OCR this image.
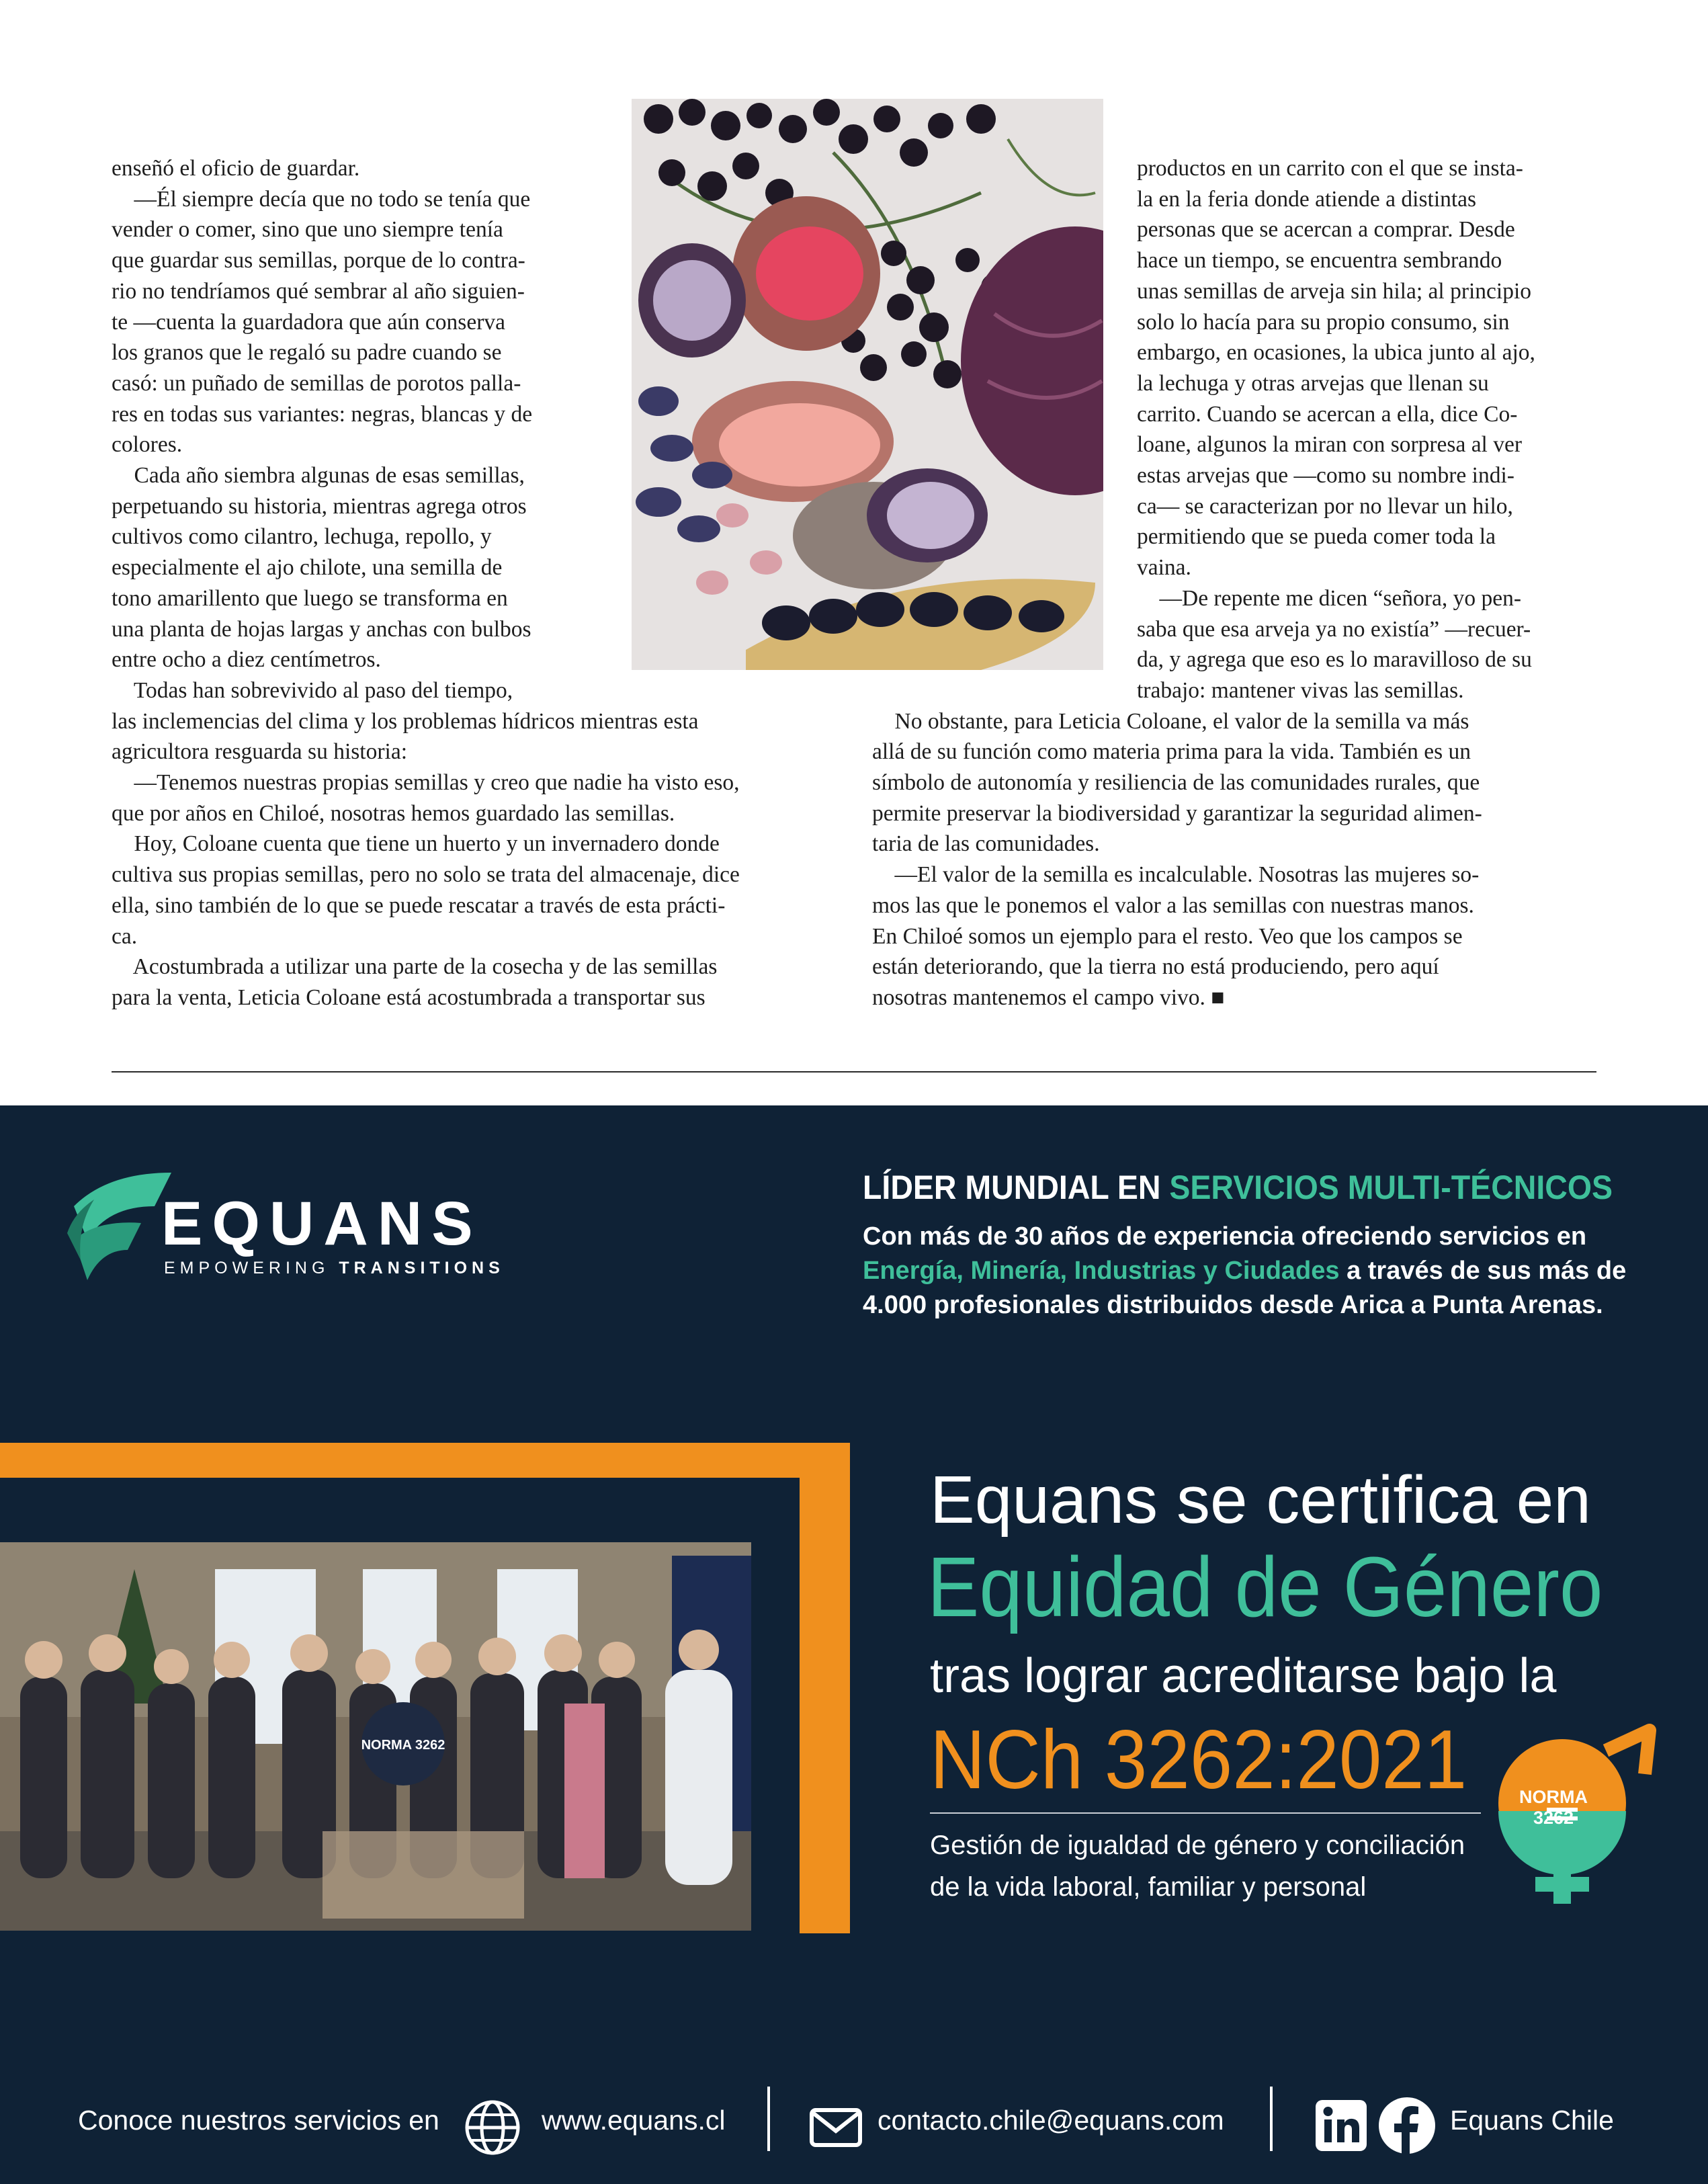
enseñó el oficio de guardar.

—Él siempre decía que no todo se tenía que
vender o comer, sino que uno siempre tenía
que guardar sus semillas, porque de lo contra-
rio no tendríamos qué sembrar al año siguien-
te —cuenta la guardadora que aún conserva
los granos que le regaló su padre cuando se
casó: un puñado de semillas de porotos palla-
res en todas sus variantes: negras, blancas y de
colores.

Cada año siembra algunas de esas semillas,
perpetuando su historia, mientras agrega otros
cultivos como cilantro, lechuga, repollo, y
especialmente el ajo chilote, una semilla de
tono amarillento que luego se transforma en
una planta de hojas largas y anchas con bulbos
entre ocho a diez centímetros.

Todas han sobrevivido al paso del tiempo,
las inclemencias del clima y los problemas hídricos mientras esta
agricultora resguarda su historia:

—Tenemos nuestras propias semillas y creo que nadie ha visto eso,
que por años en Chiloé, nosotras hemos guardado las semillas.

Hoy, Coloane cuenta que tiene un huerto y un invernadero donde
cultiva sus propias semillas, pero no solo se trata del almacenaje, dice
ella, sino también de lo que se puede rescatar a través de esta prácti-
ca.

Acostumbrada a utilizar una parte de la cosecha y de las semillas
para la venta, Leticia Coloane está acostumbrada a transportar sus

productos en un carrito con el que se insta-
la en la feria donde atiende a distintas
personas que se acercan a comprar. Desde
hace un tiempo, se encuentra sembrando
unas semillas de arveja sin hila; al principio
solo lo hacía para su propio consumo, sin
embargo, en ocasiones, la ubica junto al ajo,
la lechuga y otras arvejas que llenan su
carrito. Cuando se acercan a ella, dice Co-
loane, algunos la miran con sorpresa al ver
estas arvejas que —como su nombre indi-
ca— se caracterizan por no llevar un hilo,
permitiendo que se pueda comer toda la
vaina.

—De repente me dicen “señora, yo pen-
saba que esa arveja ya no existía” —recuer-
da, y agrega que eso es lo maravilloso de su
trabajo: mantener vivas las semillas.

No obstante, para Leticia Coloane, el valor de la semilla va más
allá de su función como materia prima para la vida. También es un
símbolo de autonomía y resiliencia de las comunidades rurales, que
permite preservar la biodiversidad y garantizar la seguridad alimen-
taria de las comunidades.

—El valor de la semilla es incalculable. Nosotras las mujeres so-
mos las que le ponemos el valor a las semillas con nuestras manos.
En Chiloé somos un ejemplo para el resto. Veo que los campos se
están deteriorando, que la tierra no está produciendo, pero aquí
nosotras mantenemos el campo vivo. ■

EQUANS
EMPOWERING TRANSITIONS
LÍDER MUNDIAL EN SERVICIOS MULTI-TÉCNICOS
Con más de 30 años de experiencia ofreciendo servicios en Energía, Minería, Industrias y Ciudades a través de sus más de 4.000 profesionales distribuidos desde Arica a Punta Arenas.
NORMA 3262
Equans se certifica en
Equidad de Género
tras lograr acreditarse bajo la
NCh 3262:2021
Gestión de igualdad de género y conciliación
de la vida laboral, familiar y personal
NORMA 3262
Conoce nuestros servicios en	www.equans.cl	contacto.chile@equans.com	Equans Chile
